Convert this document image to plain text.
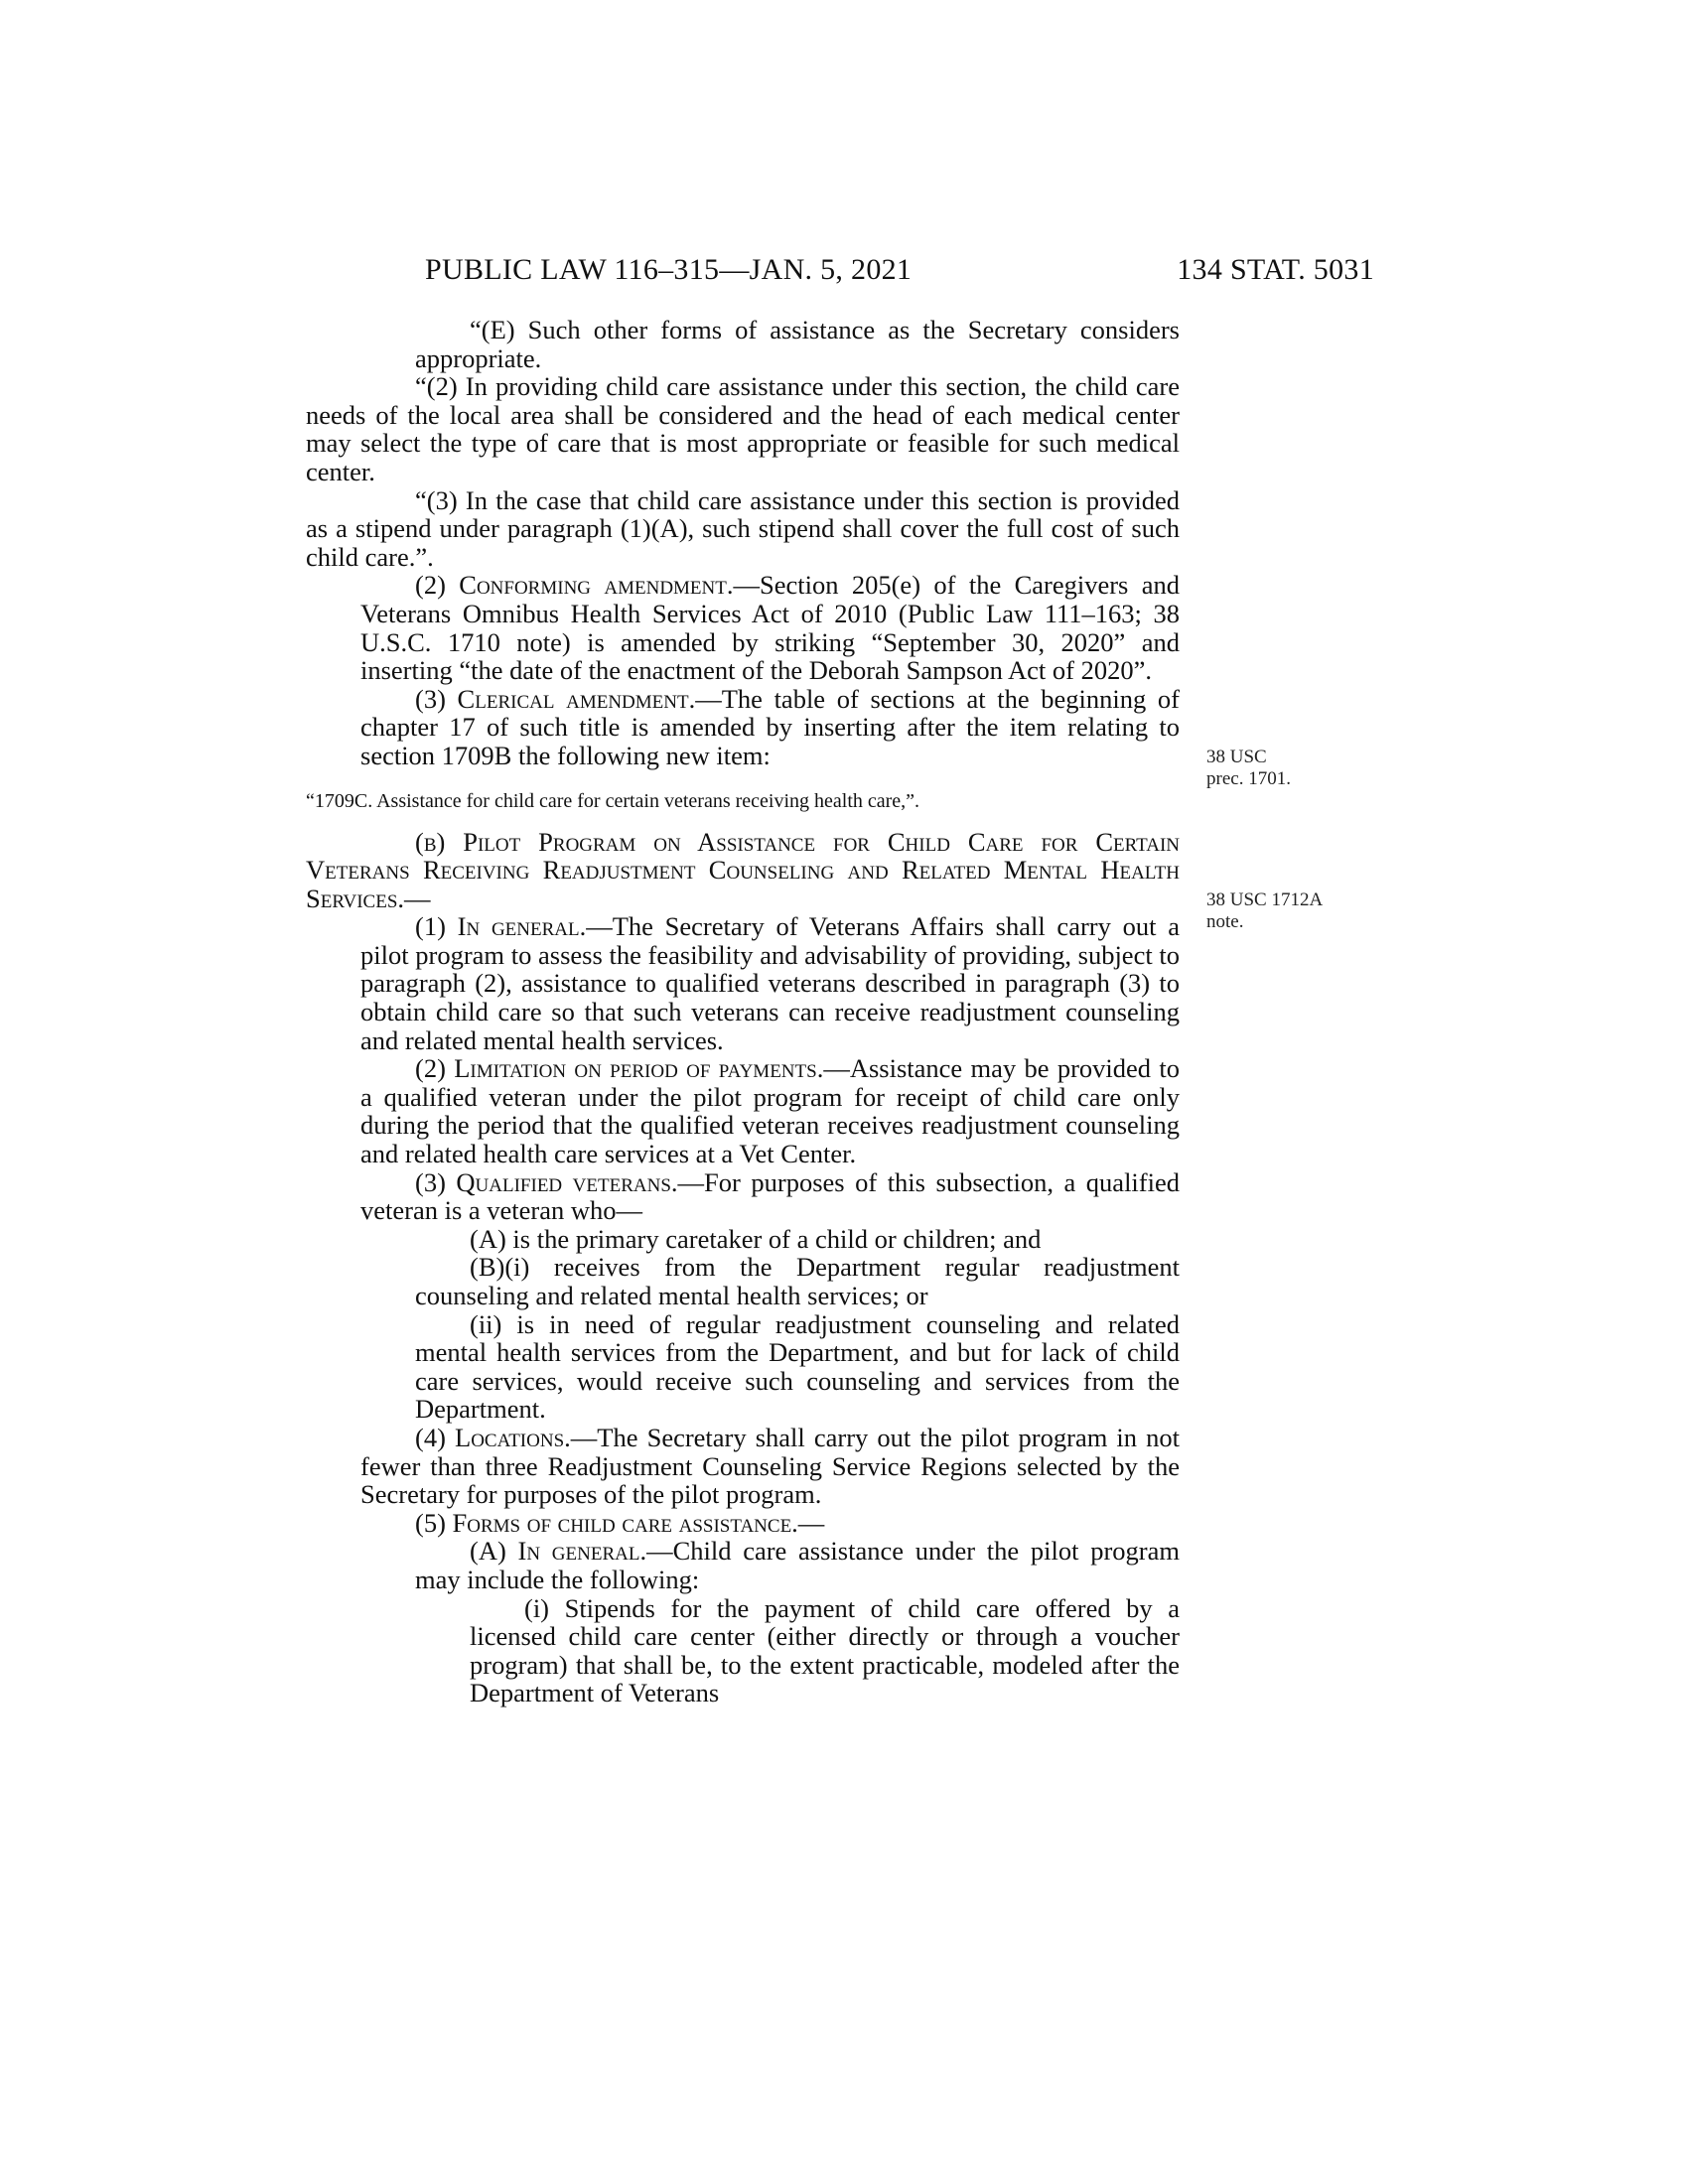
PUBLIC LAW 116–315—JAN. 5, 2021	134 STAT. 5031

“(E) Such other forms of assistance as the Secretary considers appropriate.

“(2) In providing child care assistance under this section, the child care needs of the local area shall be considered and the head of each medical center may select the type of care that is most appropriate or feasible for such medical center.

“(3) In the case that child care assistance under this section is provided as a stipend under paragraph (1)(A), such stipend shall cover the full cost of such child care.”.

(2) Conforming amendment.—Section 205(e) of the Caregivers and Veterans Omnibus Health Services Act of 2010 (Public Law 111–163; 38 U.S.C. 1710 note) is amended by striking “September 30, 2020” and inserting “the date of the enactment of the Deborah Sampson Act of 2020”.

(3) Clerical amendment.—The table of sections at the beginning of chapter 17 of such title is amended by inserting after the item relating to section 1709B the following new item:

“1709C. Assistance for child care for certain veterans receiving health care,”.

(b) Pilot Program on Assistance for Child Care for Certain Veterans Receiving Readjustment Counseling and Related Mental Health Services.—

(1) In general.—The Secretary of Veterans Affairs shall carry out a pilot program to assess the feasibility and advisability of providing, subject to paragraph (2), assistance to qualified veterans described in paragraph (3) to obtain child care so that such veterans can receive readjustment counseling and related mental health services.

(2) Limitation on period of payments.—Assistance may be provided to a qualified veteran under the pilot program for receipt of child care only during the period that the qualified veteran receives readjustment counseling and related health care services at a Vet Center.

(3) Qualified veterans.—For purposes of this subsection, a qualified veteran is a veteran who—

(A) is the primary caretaker of a child or children; and

(B)(i) receives from the Department regular readjustment counseling and related mental health services; or

(ii) is in need of regular readjustment counseling and related mental health services from the Department, and but for lack of child care services, would receive such counseling and services from the Department.

(4) Locations.—The Secretary shall carry out the pilot program in not fewer than three Readjustment Counseling Service Regions selected by the Secretary for purposes of the pilot program.

(5) Forms of child care assistance.—

(A) In general.—Child care assistance under the pilot program may include the following:

(i) Stipends for the payment of child care offered by a licensed child care center (either directly or through a voucher program) that shall be, to the extent practicable, modeled after the Department of Veterans

38 USC
prec. 1701.
38 USC 1712A
note.
